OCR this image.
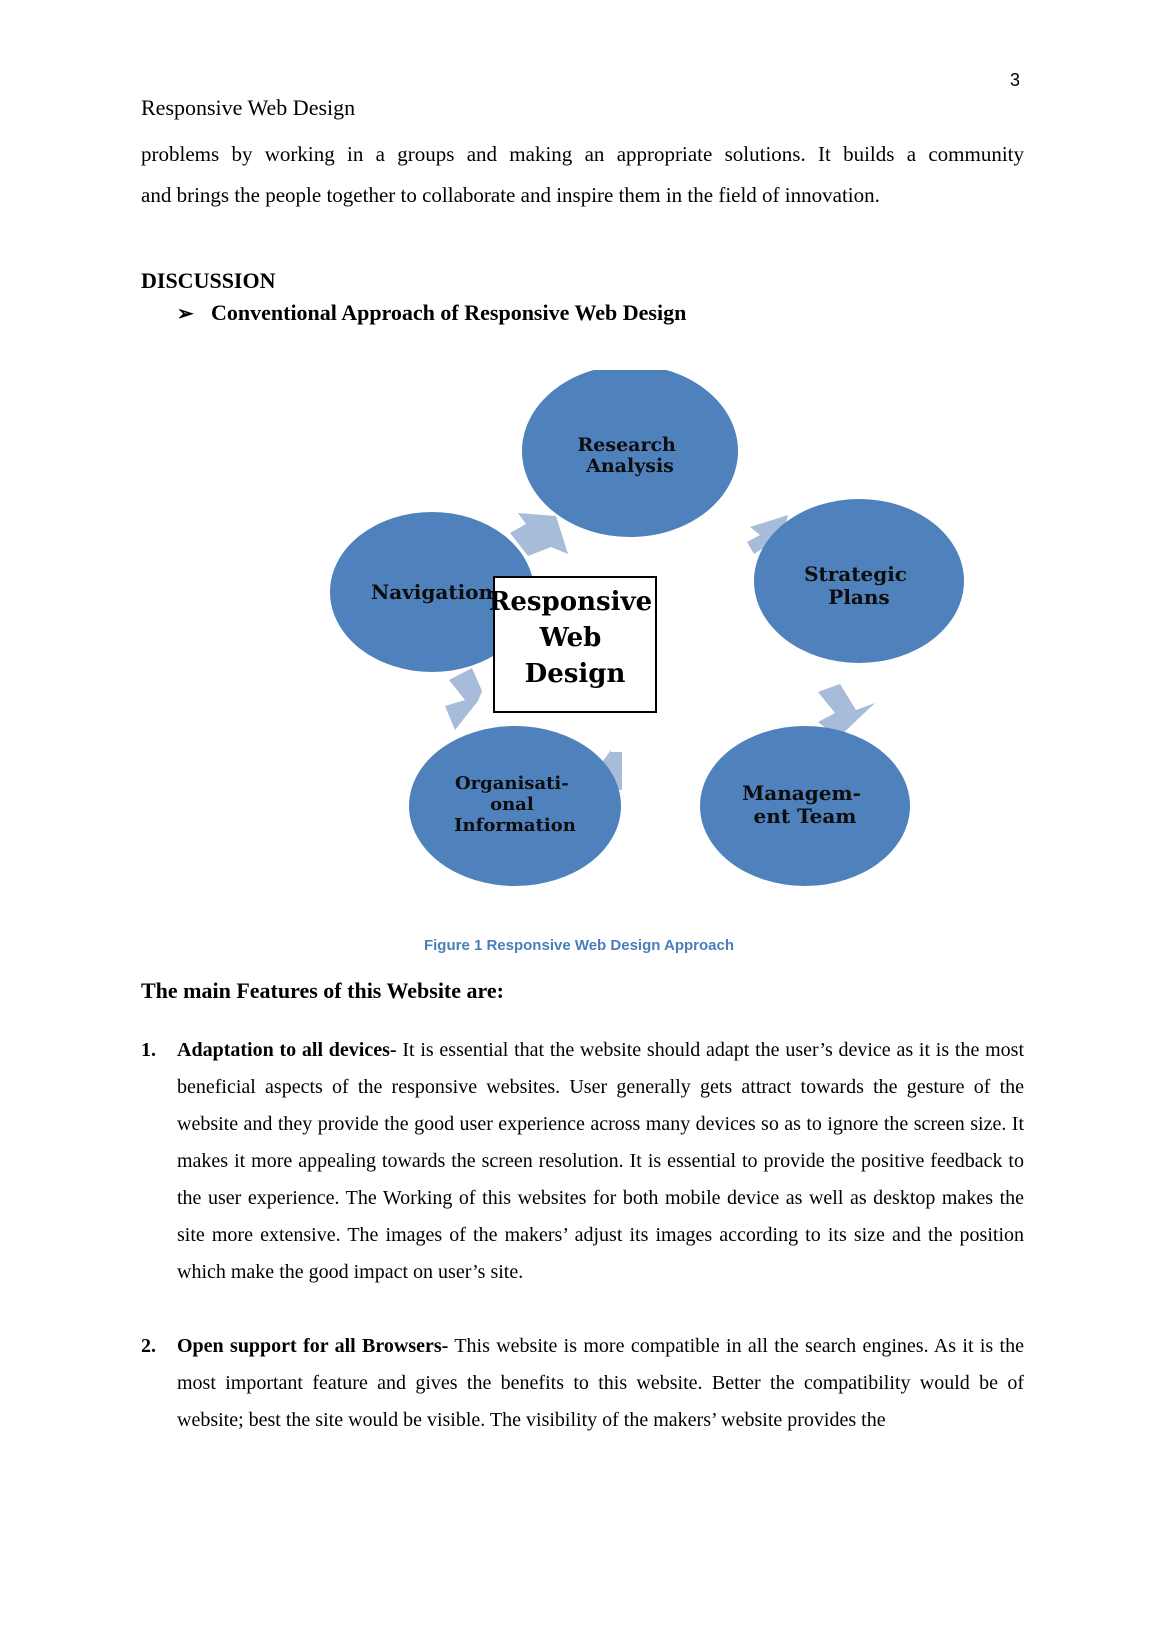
3
Responsive Web Design
problems by working in a groups and making an appropriate solutions. It builds a community
and brings the people together to collaborate and inspire them in the field of innovation.
DISCUSSION
➢ Conventional Approach of Responsive Web Design
Research Analysis
Strategic Plans
Managem- ent Team
Organisati- onal Information
Navigation
Responsive Web Design
Figure 1 Responsive Web Design Approach
The main Features of this Website are:
1. Adaptation to all devices- It is essential that the website should adapt the user’s device as it is the most beneficial aspects of the responsive websites. User generally gets attract towards the gesture of the website and they provide the good user experience across many devices so as to ignore the screen size. It makes it more appealing towards the screen resolution. It is essential to provide the positive feedback to the user experience. The Working of this websites for both mobile device as well as desktop makes the site more extensive. The images of the makers’ adjust its images according to its size and the position which make the good impact on user’s site.
2. Open support for all Browsers- This website is more compatible in all the search engines. As it is the most important feature and gives the benefits to this website. Better the compatibility would be of website; best the site would be visible. The visibility of the makers’ website provides the
